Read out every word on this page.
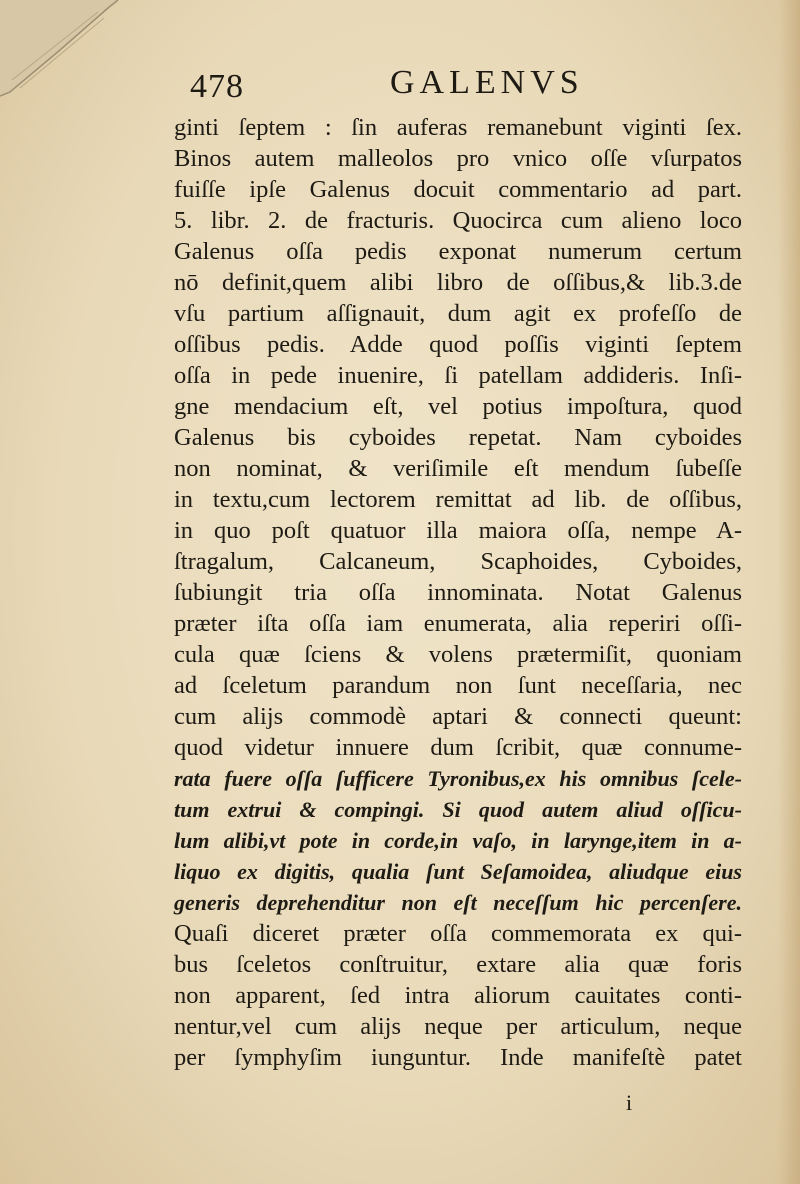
478	GALENVS
ginti ſeptem : ſin auferas remanebunt viginti ſex.
Binos autem malleolos pro vnico oſſe vſurpatos
fuiſſe ipſe Galenus docuit commentario ad part.
5. libr. 2. de fracturis. Quocirca cum alieno loco
Galenus oſſa pedis exponat numerum certum
nō definit,quem alibi libro de oſſibus,& lib.3.de
vſu partium aſſignauit, dum agit ex profeſſo de
oſſibus pedis. Adde quod poſſis viginti ſeptem
oſſa in pede inuenire, ſi patellam addideris. Inſi-
gne mendacium eſt, vel potius impoſtura, quod
Galenus bis cyboides repetat. Nam cyboides
non nominat, & veriſimile eſt mendum ſubeſſe
in textu,cum lectorem remittat ad lib. de oſſibus,
in quo poſt quatuor illa maiora oſſa, nempe A-
ſtragalum, Calcaneum, Scaphoides, Cyboides,
ſubiungit tria oſſa innominata. Notat Galenus
præter iſta oſſa iam enumerata, alia reperiri oſſi-
cula quæ ſciens & volens prætermiſit, quoniam
ad ſceletum parandum non ſunt neceſſaria, nec
cum alijs commodè aptari & connecti queunt:
quod videtur innuere dum ſcribit, quæ connume-
rata fuere oſſa ſufficere Tyronibus,ex his omnibus ſcele-
tum extrui & compingi. Si quod autem aliud oſſicu-
lum alibi,vt pote in corde,in vaſo, in larynge,item in a-
liquo ex digitis, qualia ſunt Seſamoidea, aliudque eius
generis deprehenditur non eſt neceſſum hic percenſere.
Quaſi diceret præter oſſa commemorata ex qui-
bus ſceletos conſtruitur, extare alia quæ foris
non apparent, ſed intra aliorum cauitates conti-
nentur,vel cum alijs neque per articulum, neque
per ſymphyſim iunguntur. Inde manifeſtè patet
i
